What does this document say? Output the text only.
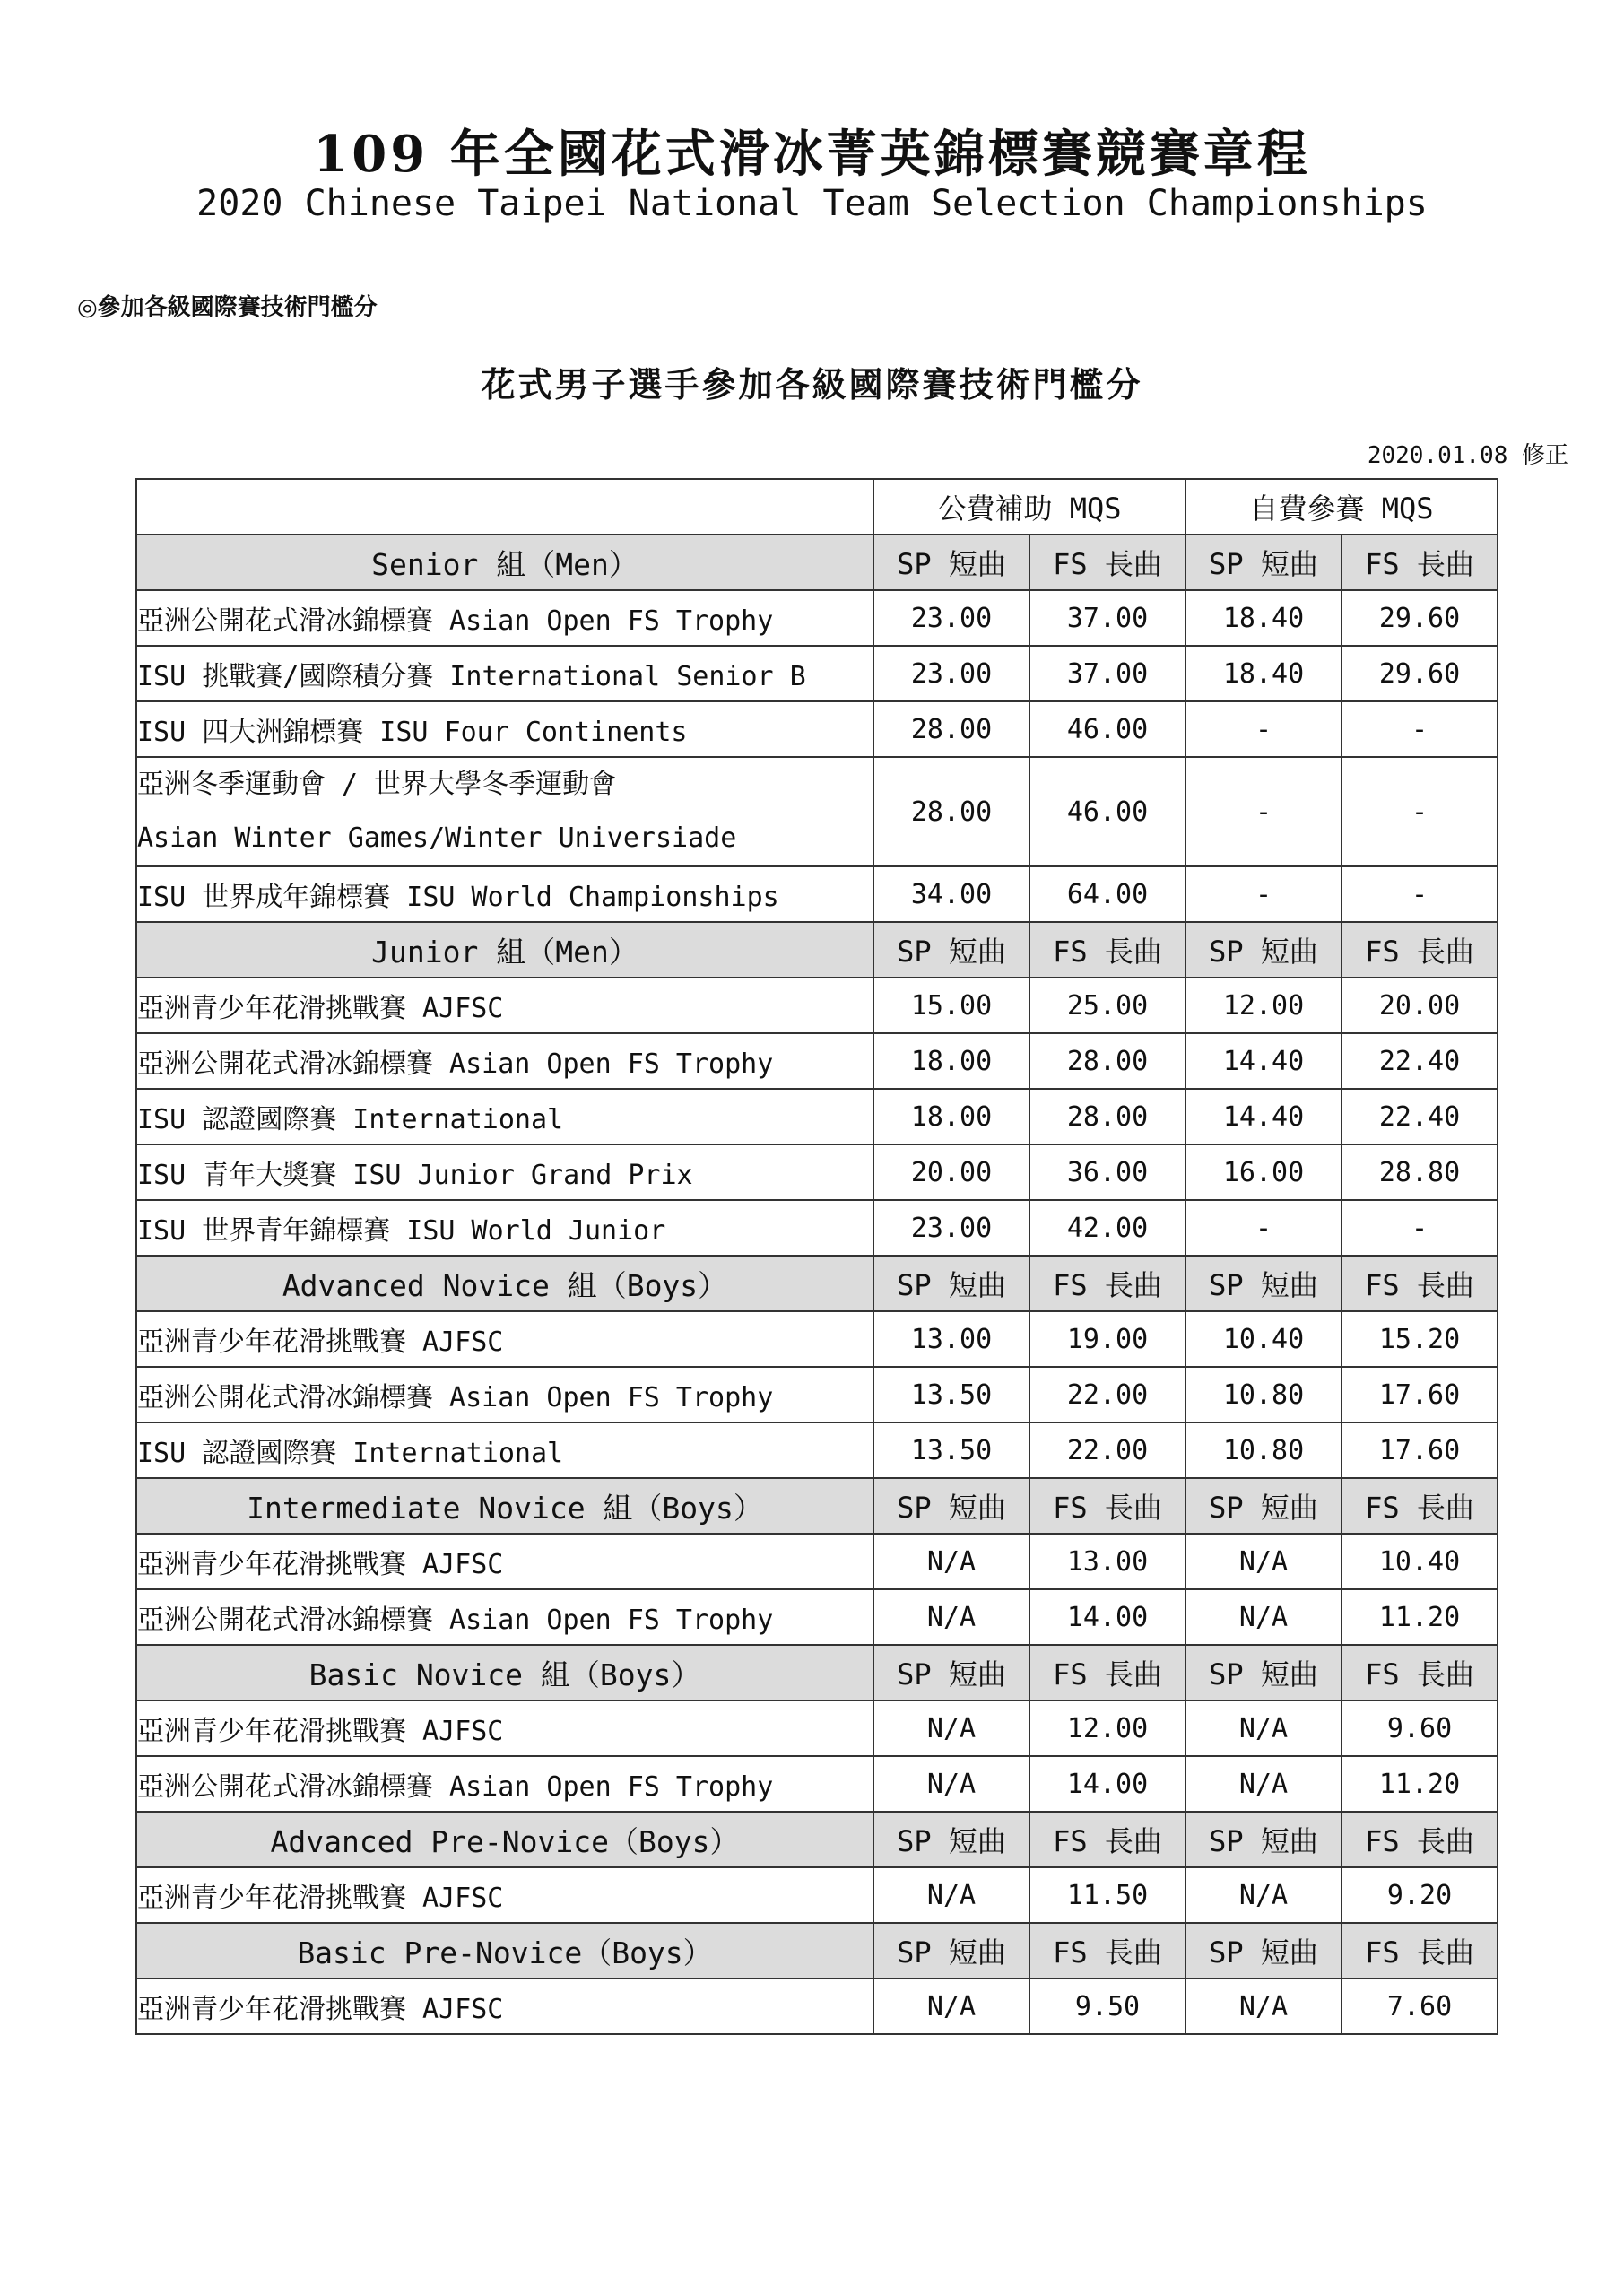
109 年全國花式滑冰菁英錦標賽競賽章程
2020 Chinese Taipei National Team Selection Championships
◎參加各級國際賽技術門檻分
花式男子選手參加各級國際賽技術門檻分
2020.01.08 修正
	公費補助 MQS		自費參賽 MQS	
Senior 組（Men）	SP 短曲	FS 長曲	SP 短曲	FS 長曲
亞洲公開花式滑冰錦標賽 Asian Open FS Trophy	23.00	37.00	18.40	29.60
ISU 挑戰賽/國際積分賽 International Senior B	23.00	37.00	18.40	29.60
ISU 四大洲錦標賽 ISU Four Continents	28.00	46.00	-	-

亞洲冬季運動會 / 世界大學冬季運動會
Asian Winter Games/Winter Universiade	28.00	46.00	-	-
ISU 世界成年錦標賽 ISU World Championships	34.00	64.00	-	-
Junior 組（Men）	SP 短曲	FS 長曲	SP 短曲	FS 長曲
亞洲青少年花滑挑戰賽 AJFSC	15.00	25.00	12.00	20.00
亞洲公開花式滑冰錦標賽 Asian Open FS Trophy	18.00	28.00	14.40	22.40
ISU 認證國際賽 International	18.00	28.00	14.40	22.40
ISU 青年大獎賽 ISU Junior Grand Prix	20.00	36.00	16.00	28.80
ISU 世界青年錦標賽 ISU World Junior	23.00	42.00	-	-
Advanced Novice 組（Boys）	SP 短曲	FS 長曲	SP 短曲	FS 長曲
亞洲青少年花滑挑戰賽 AJFSC	13.00	19.00	10.40	15.20
亞洲公開花式滑冰錦標賽 Asian Open FS Trophy	13.50	22.00	10.80	17.60
ISU 認證國際賽 International	13.50	22.00	10.80	17.60
Intermediate Novice 組（Boys）	SP 短曲	FS 長曲	SP 短曲	FS 長曲
亞洲青少年花滑挑戰賽 AJFSC	N/A	13.00	N/A	10.40
亞洲公開花式滑冰錦標賽 Asian Open FS Trophy	N/A	14.00	N/A	11.20
Basic Novice 組（Boys）	SP 短曲	FS 長曲	SP 短曲	FS 長曲
亞洲青少年花滑挑戰賽 AJFSC	N/A	12.00	N/A	9.60
亞洲公開花式滑冰錦標賽 Asian Open FS Trophy	N/A	14.00	N/A	11.20
Advanced Pre-Novice（Boys）	SP 短曲	FS 長曲	SP 短曲	FS 長曲
亞洲青少年花滑挑戰賽 AJFSC	N/A	11.50	N/A	9.20
Basic Pre-Novice（Boys）	SP 短曲	FS 長曲	SP 短曲	FS 長曲
亞洲青少年花滑挑戰賽 AJFSC	N/A	9.50	N/A	7.60
